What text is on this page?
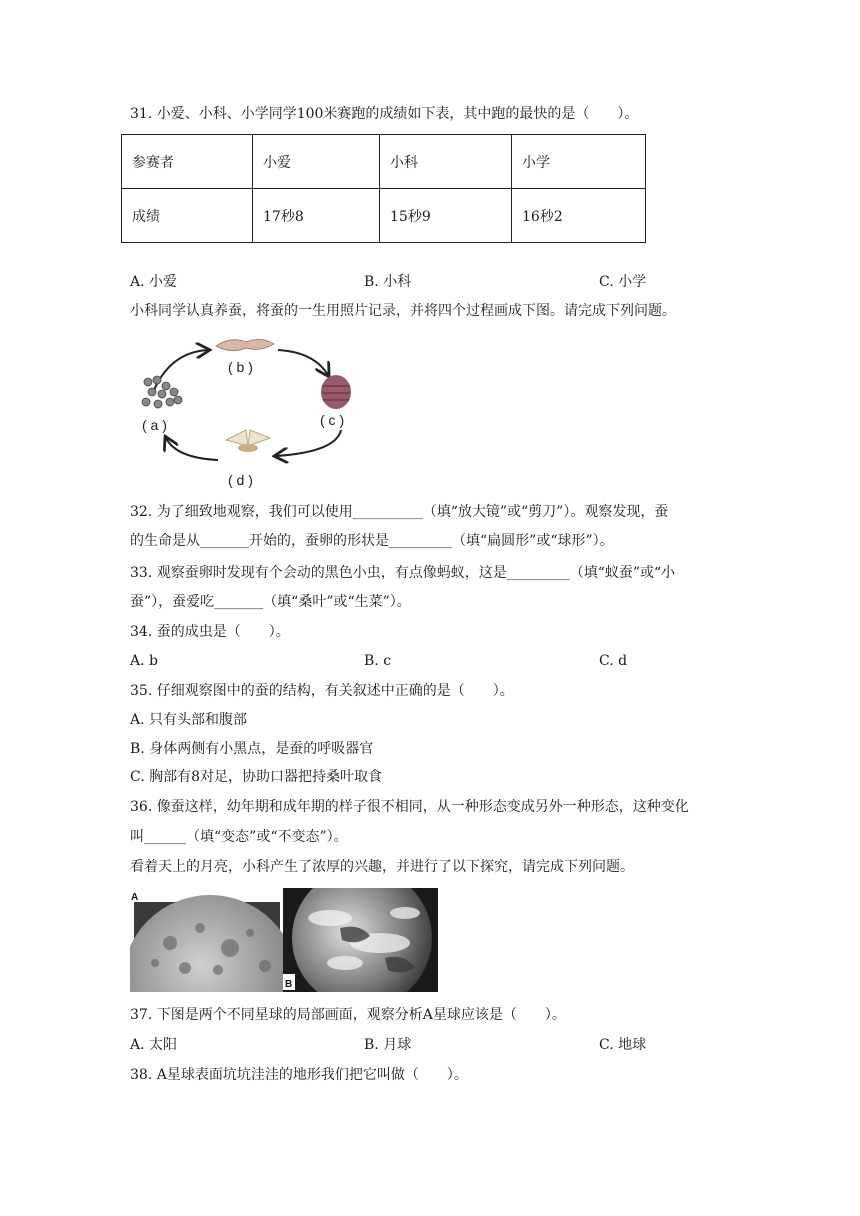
31. 小爱、小科、小学同学100米赛跑的成绩如下表，其中跑的最快的是（　　）。
参赛者	小爱	小科	小学
成绩	17秒8	15秒9	16秒2
A. 小爱	B. 小科	C. 小学
小科同学认真养蚕，将蚕的一生用照片记录，并将四个过程画成下图。请完成下列问题。
( b )
( c )
( d )
( a )
32. 为了细致地观察，我们可以使用__________（填“放大镜”或“剪刀”）。观察发现，蚕
的生命是从_______开始的，蚕卵的形状是_________（填“扁圆形”或“球形”）。
33. 观察蚕卵时发现有个会动的黑色小虫，有点像蚂蚁，这是_________（填“蚁蚕”或“小
蚕”），蚕爱吃_______（填“桑叶”或“生菜”）。
34. 蚕的成虫是（　　）。
A. b	B. c	C. d
35. 仔细观察图中的蚕的结构，有关叙述中正确的是（　　）。
A. 只有头部和腹部
B. 身体两侧有小黑点，是蚕的呼吸器官
C. 胸部有8对足，协助口器把持桑叶取食
36. 像蚕这样，幼年期和成年期的样子很不相同，从一种形态变成另外一种形态，这种变化
叫______（填“变态”或“不变态”）。
看着天上的月亮，小科产生了浓厚的兴趣，并进行了以下探究，请完成下列问题。
A
B
37. 下图是两个不同星球的局部画面，观察分析A星球应该是（　　）。
A. 太阳	B. 月球	C. 地球
38. A星球表面坑坑洼洼的地形我们把它叫做（　　）。
